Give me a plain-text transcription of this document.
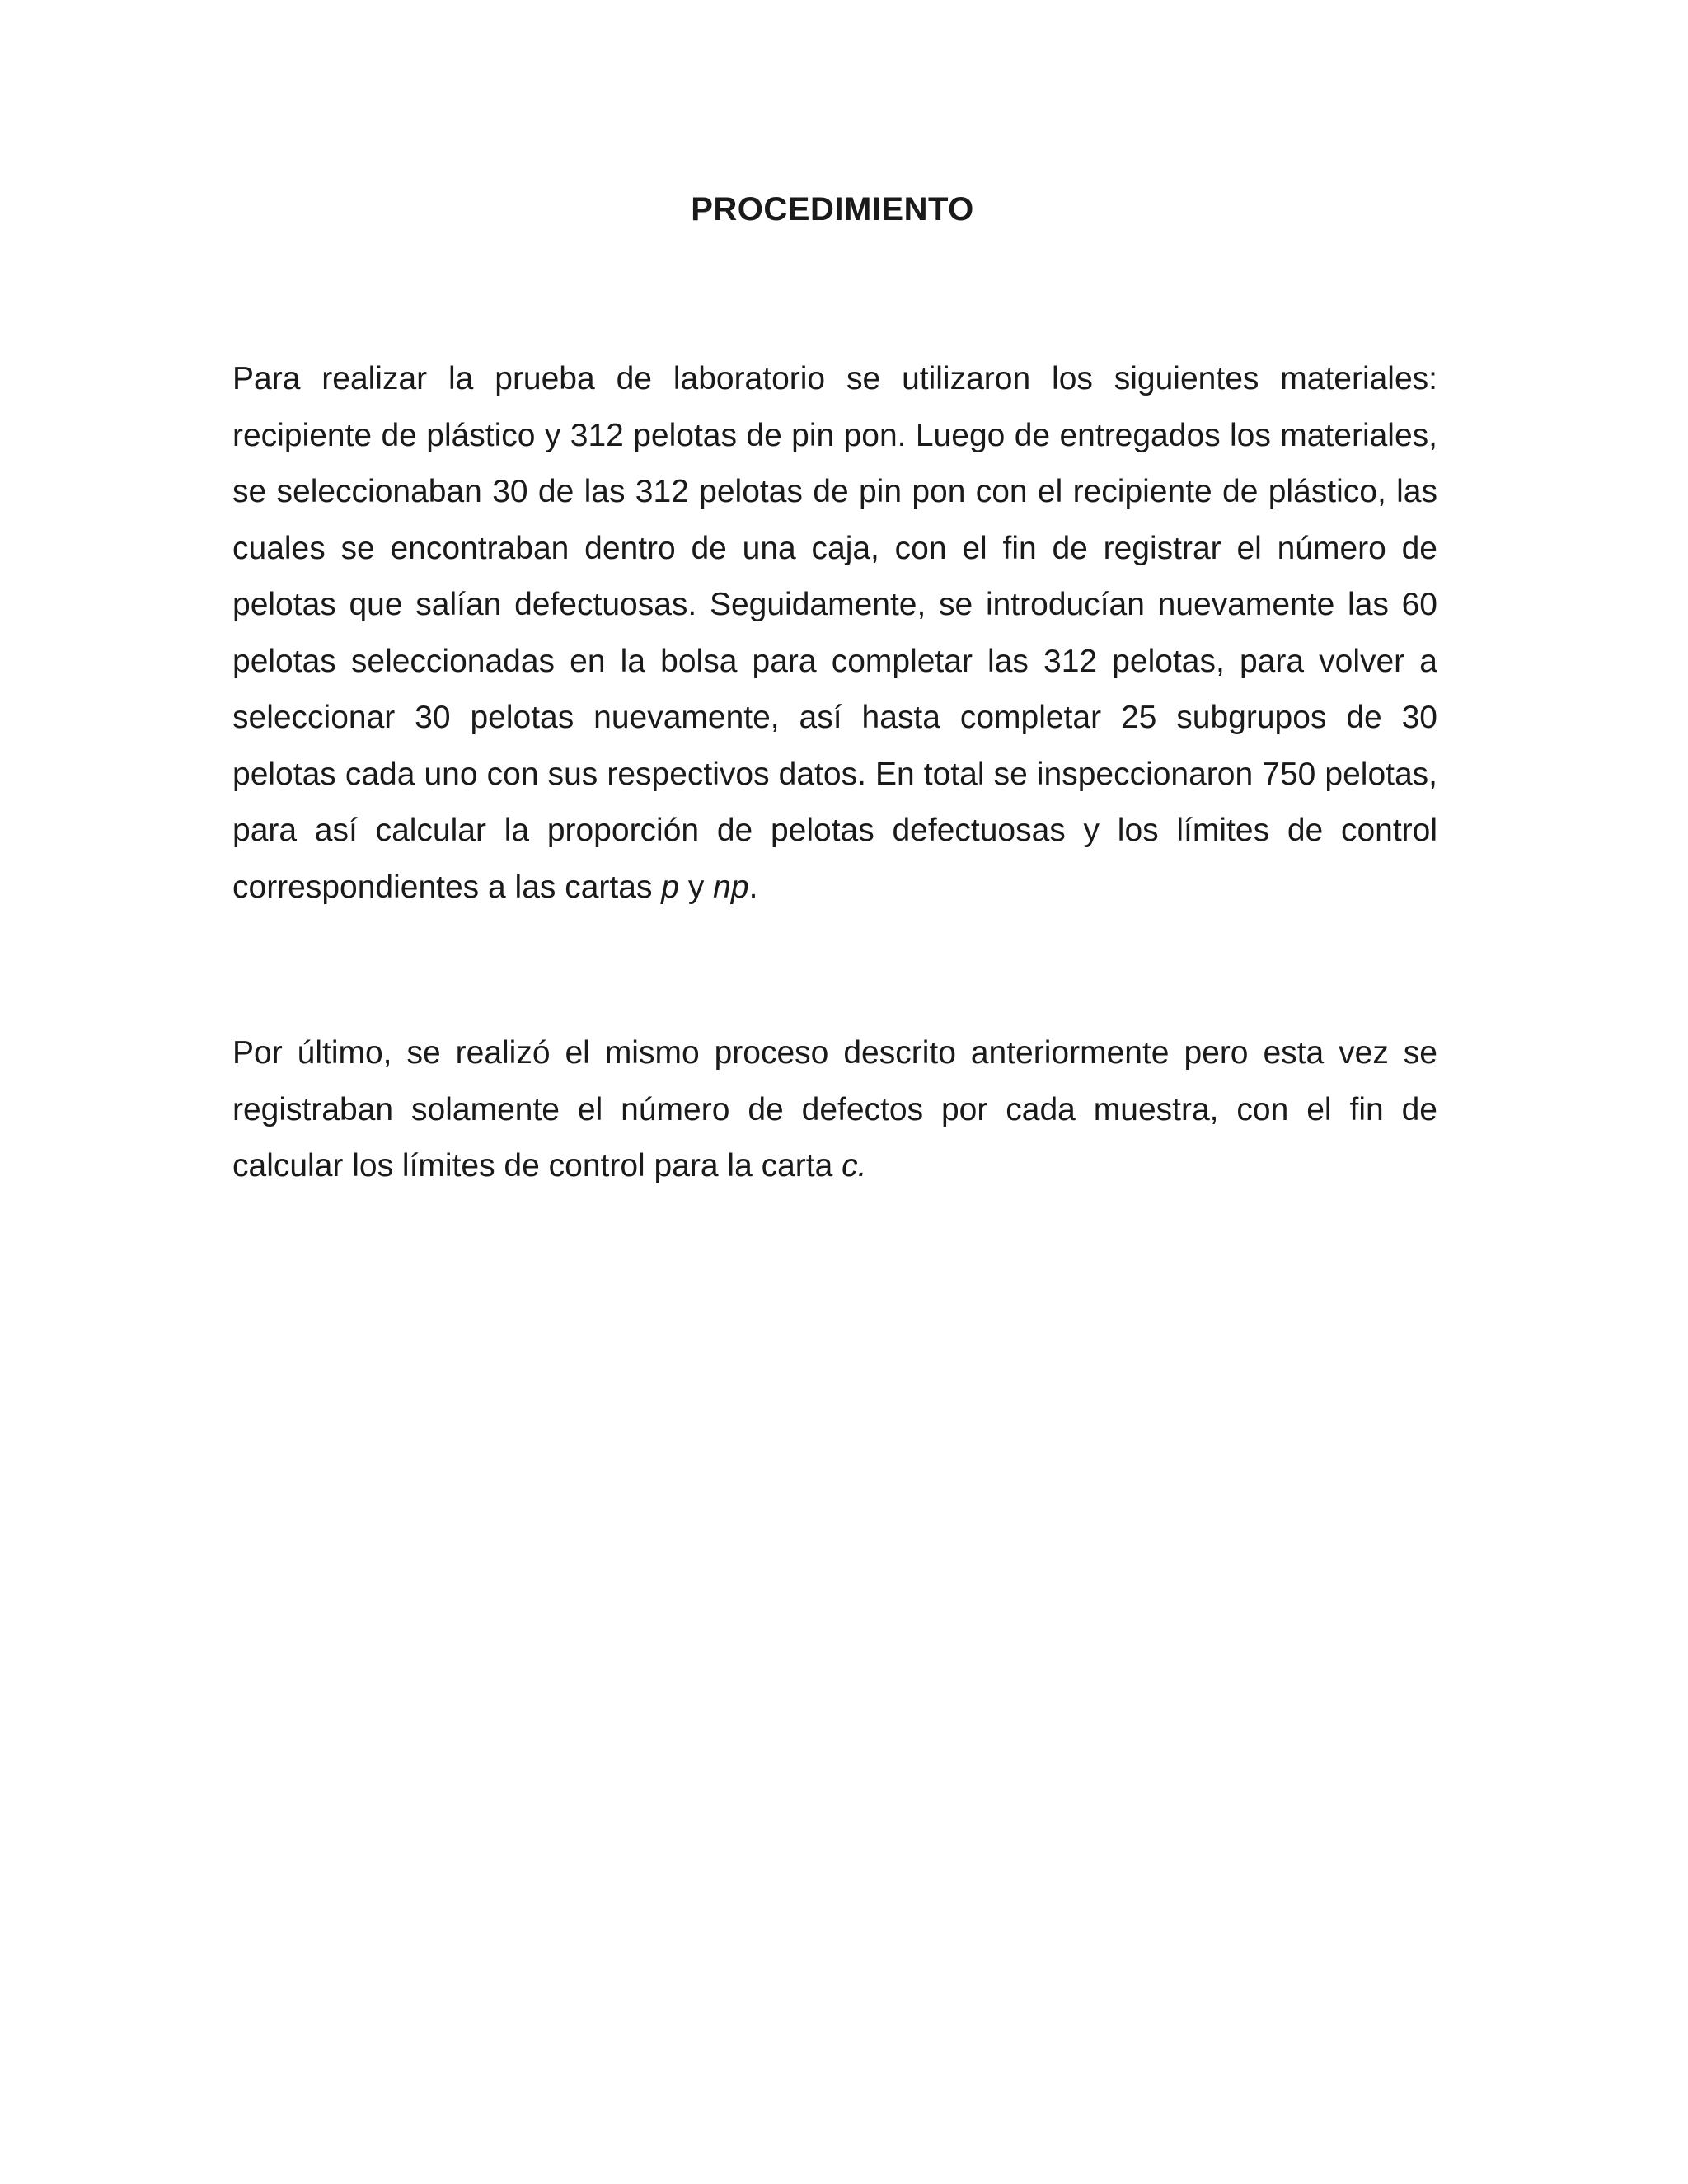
PROCEDIMIENTO

Para realizar la prueba de laboratorio se utilizaron los siguientes materiales: recipiente de plástico y 312 pelotas de pin pon. Luego de entregados los materiales, se seleccionaban 30 de las 312 pelotas de pin pon con el recipiente de plástico, las cuales se encontraban dentro de una caja, con el fin de registrar el número de pelotas que salían defectuosas. Seguidamente, se introducían nuevamente las 60 pelotas seleccionadas en la bolsa para completar las 312 pelotas, para volver a seleccionar 30 pelotas nuevamente, así hasta completar 25 subgrupos de 30 pelotas cada uno con sus respectivos datos. En total se inspeccionaron 750 pelotas, para así calcular la proporción de pelotas defectuosas y los límites de control correspondientes a las cartas p y np.

Por último, se realizó el mismo proceso descrito anteriormente pero esta vez se registraban solamente el número de defectos por cada muestra, con el fin de calcular los límites de control para la carta c.
